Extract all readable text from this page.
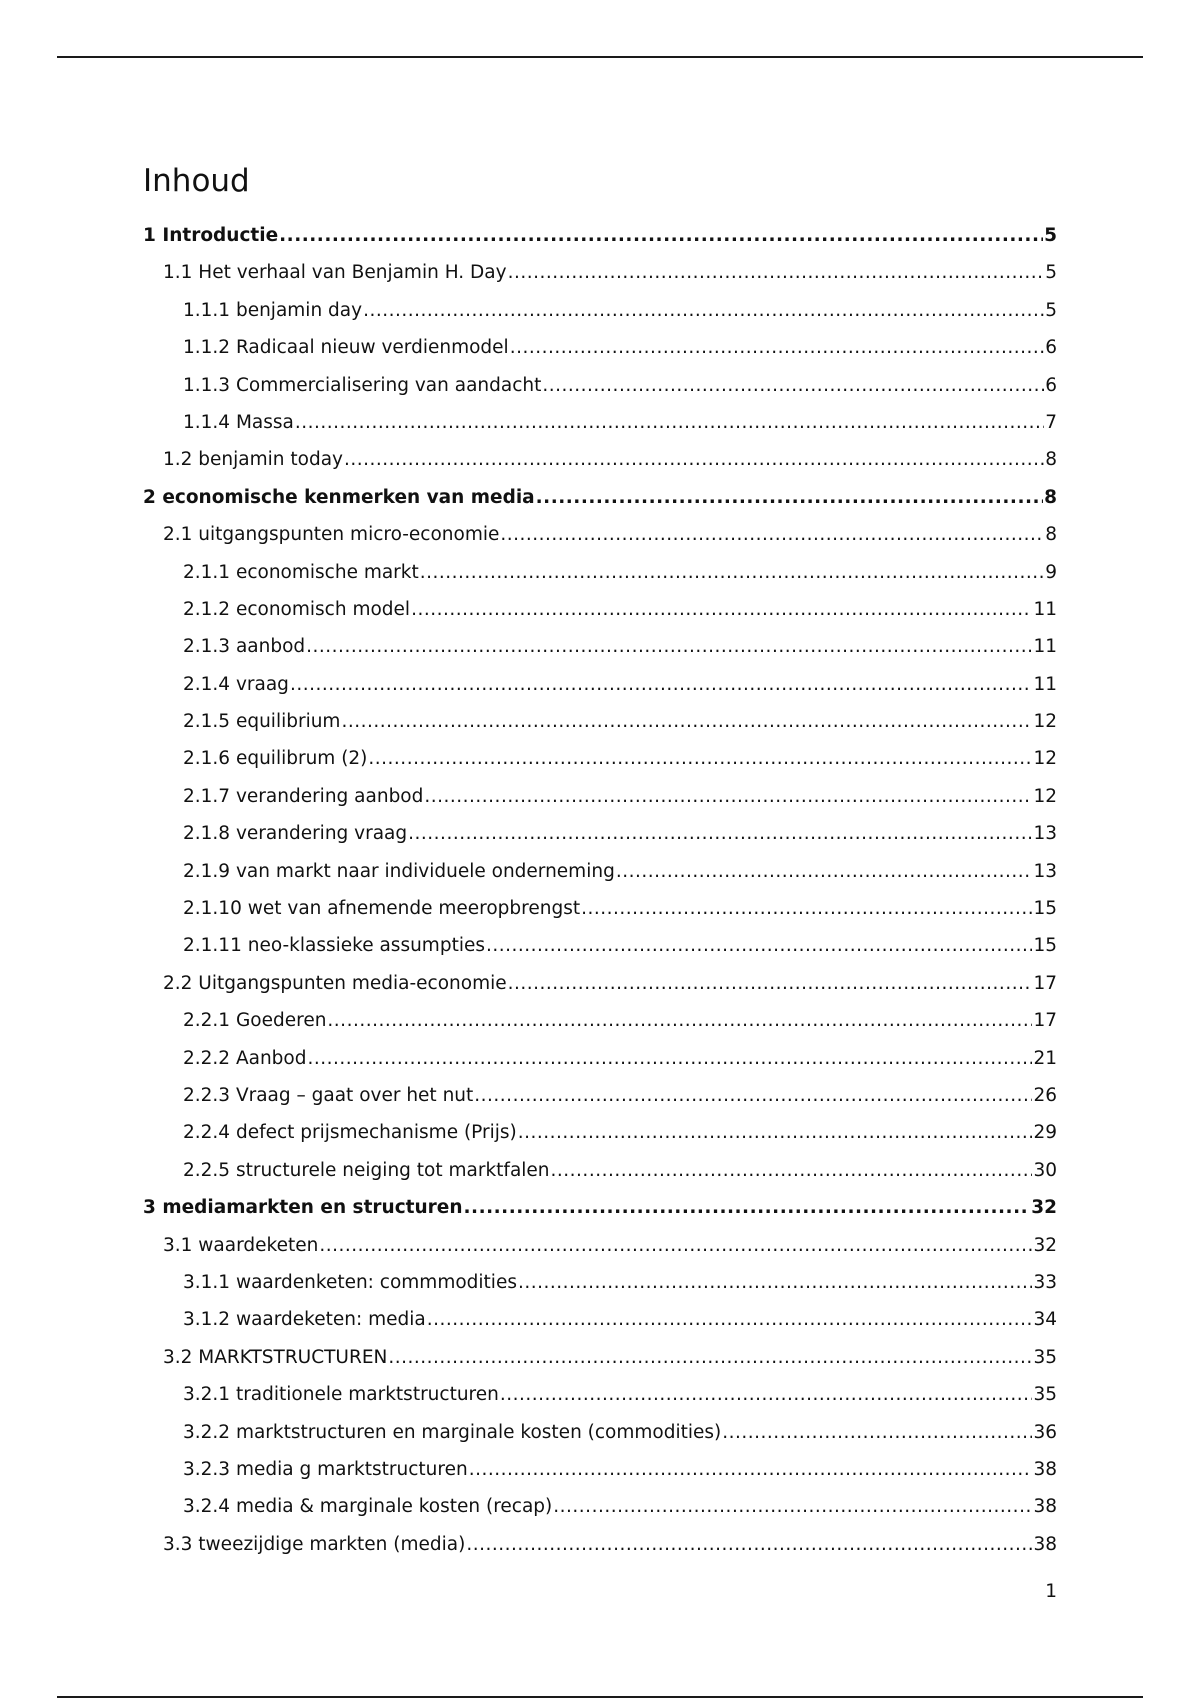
Inhoud
1 Introductie .....	5
1.1 Het verhaal van Benjamin H. Day .....	5
1.1.1 benjamin day .....	5
1.1.2 Radicaal nieuw verdienmodel .....	6
1.1.3 Commercialisering van aandacht .....	6
1.1.4 Massa .....	7
1.2 benjamin today .....	8
2 economische kenmerken van media .....	8
2.1 uitgangspunten micro-economie .....	8
2.1.1 economische markt .....	9
2.1.2 economisch model .....	11
2.1.3 aanbod .....	11
2.1.4 vraag .....	11
2.1.5 equilibrium .....	12
2.1.6 equilibrum (2) .....	12
2.1.7 verandering aanbod .....	12
2.1.8 verandering vraag .....	13
2.1.9 van markt naar individuele onderneming .....	13
2.1.10 wet van afnemende meeropbrengst .....	15
2.1.11 neo-klassieke assumpties .....	15
2.2 Uitgangspunten media-economie .....	17
2.2.1 Goederen .....	17
2.2.2 Aanbod .....	21
2.2.3 Vraag – gaat over het nut .....	26
2.2.4 defect prijsmechanisme (Prijs) .....	29
2.2.5 structurele neiging tot marktfalen .....	30
3 mediamarkten en structuren .....	32
3.1 waardeketen .....	32
3.1.1 waardenketen: commmodities .....	33
3.1.2 waardeketen: media .....	34
3.2 MARKTSTRUCTUREN .....	35
3.2.1 traditionele marktstructuren .....	35
3.2.2 marktstructuren en marginale kosten (commodities) .....	36
3.2.3 media g marktstructuren .....	38
3.2.4 media & marginale kosten (recap) .....	38
3.3 tweezijdige markten (media) .....	38
1
